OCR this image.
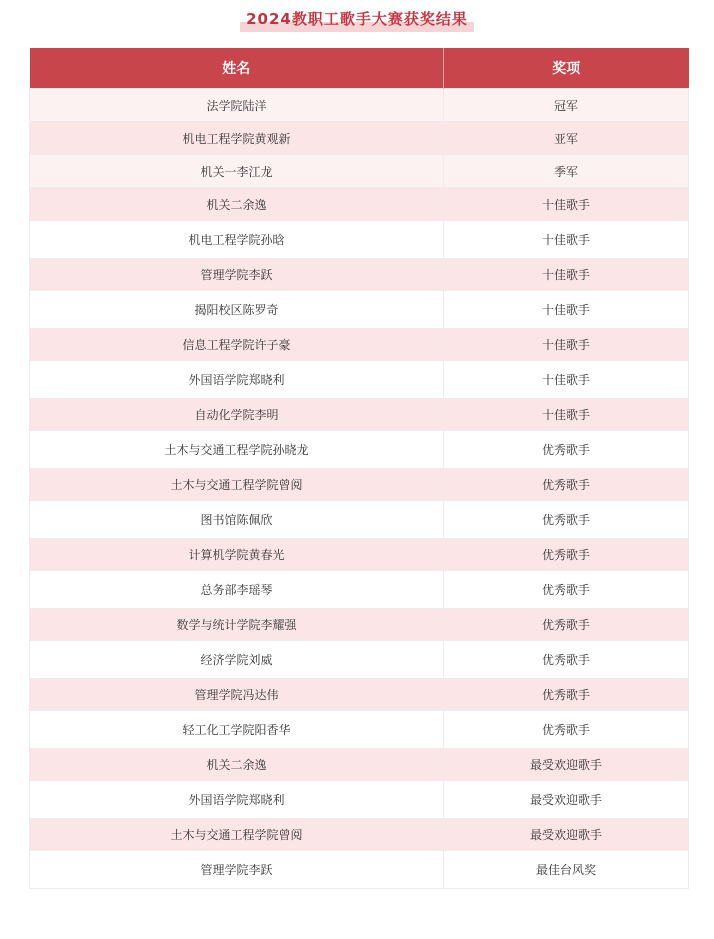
2024教职工歌手大赛获奖结果
姓名	奖项
法学院陆洋	冠军
机电工程学院黄观新	亚军
机关一李江龙	季军
机关二余逸	十佳歌手
机电工程学院孙晗	十佳歌手
管理学院李跃	十佳歌手
揭阳校区陈罗奇	十佳歌手
信息工程学院许子豪	十佳歌手
外国语学院郑晓利	十佳歌手
自动化学院李明	十佳歌手
土木与交通工程学院孙晓龙	优秀歌手
土木与交通工程学院曾阅	优秀歌手
图书馆陈佩欣	优秀歌手
计算机学院黄春光	优秀歌手
总务部李瑶琴	优秀歌手
数学与统计学院李耀强	优秀歌手
经济学院刘威	优秀歌手
管理学院冯达伟	优秀歌手
轻工化工学院阳香华	优秀歌手
机关二余逸	最受欢迎歌手
外国语学院郑晓利	最受欢迎歌手
土木与交通工程学院曾阅	最受欢迎歌手
管理学院李跃	最佳台风奖
